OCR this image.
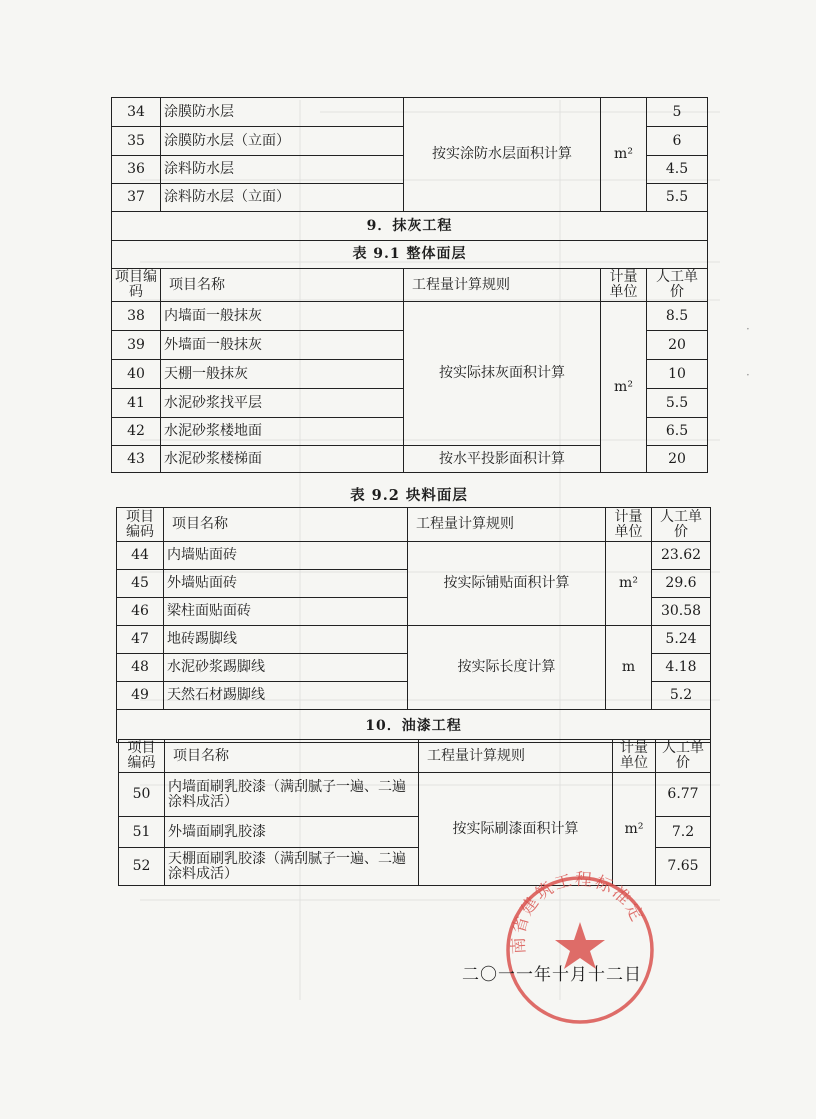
34	涂膜防水层	按实涂防水层面积计算	m²	5
35	涂膜防水层（立面）			6
36	涂料防水层			4.5
37	涂料防水层（立面）			5.5
9．抹灰工程				
表 9.1 整体面层				
项目编码	项目名称	工程量计算规则	计量单位	人工单价
38	内墙面一般抹灰	按实际抹灰面积计算	m²	8.5
39	外墙面一般抹灰			20
40	天棚一般抹灰			10
41	水泥砂浆找平层			5.5
42	水泥砂浆楼地面			6.5
43	水泥砂浆楼梯面	按水平投影面积计算		20
表 9.2 块料面层
项目编码	项目名称	工程量计算规则	计量单位	人工单价
44	内墙贴面砖	按实际铺贴面积计算	m²	23.62
45	外墙贴面砖			29.6
46	梁柱面贴面砖			30.58
47	地砖踢脚线	按实际长度计算	m	5.24
48	水泥砂浆踢脚线			4.18
49	天然石材踢脚线			5.2
10．油漆工程				
项目编码	项目名称	工程量计算规则	计量单位	人工单价
50	内墙面刷乳胶漆（满刮腻子一遍、二遍涂料成活）	按实际刷漆面积计算	m²	6.77
51	外墙面刷乳胶漆			7.2
52	天棚面刷乳胶漆（满刮腻子一遍、二遍涂料成活）			7.65
南省建筑工程标准定
二〇一一年十月十二日
·
·
